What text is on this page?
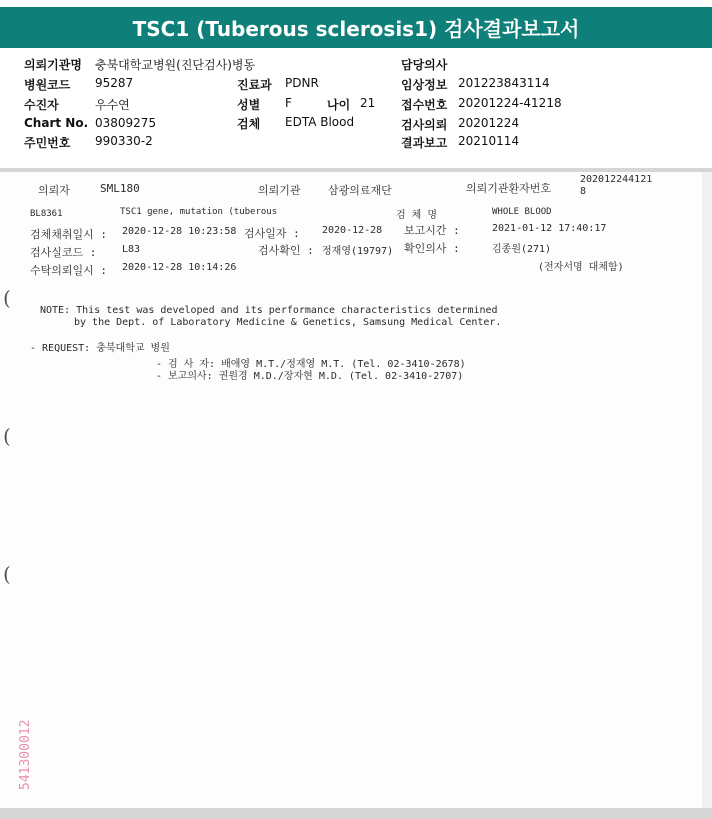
TSC1 (Tuberous sclerosis1) 검사결과보고서
의뢰기관명 충북대학교병원(진단검사)병동	담당의사
병원코드 95287	진료과 PDNR	임상정보 201223843114
수진자	우수연	성별 F	나이 21 접수번호 20201224-41218
Chart No. 03809275	검체 EDTA Blood	검사의뢰 20201224
주민번호 990330-2	결과보고 20210114
의뢰자	SML180	의뢰기관 삼광의료재단	의뢰기관환자번호
202012244121
8
BL8361	TSC1 gene, mutation (tuberous	검 체 명	WHOLE BLOOD
검체채취일시 : 2020-12-28 10:23:58 검사일자 : 2020-12-28 보고시간 :	2021-01-12 17:40:17
검사실코드 :	L83	검사확인 : 정재영(19797) 확인의사 :	김종원(271)
수탁의뢰일시 : 2020-12-28 10:14:26	(전자서명 대체함)
NOTE: This test was developed and its performance characteristics determined
by the Dept. of Laboratory Medicine & Genetics, Samsung Medical Center.
- REQUEST: 충북대학교 병원
- 검 사 자: 배애영 M.T./정재영 M.T. (Tel. 02-3410-2678)
- 보고의사: 권원경 M.D./장자현 M.D. (Tel. 02-3410-2707)
(
(
(
541300012
